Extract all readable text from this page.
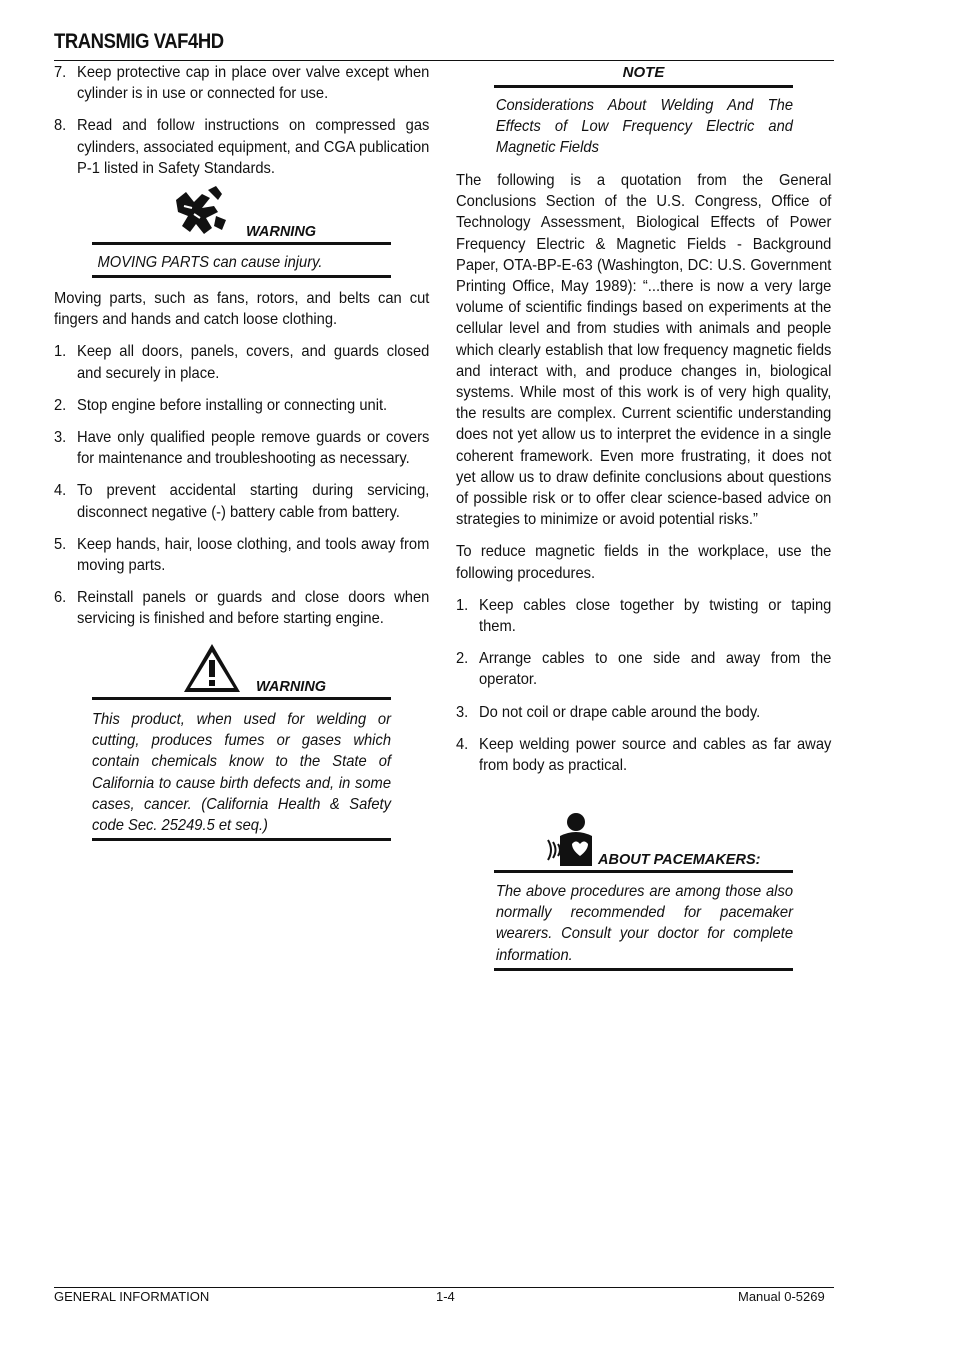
TRANSMIG VAF4HD
7. Keep protective cap in place over valve except when cylinder is in use or connected for use.
8. Read and follow instructions on compressed gas cylinders, associated equipment, and CGA publication P-1 listed in Safety Standards.
WARNING
MOVING PARTS can cause injury.

Moving parts, such as fans, rotors, and belts can cut fingers and hands and catch loose clothing.

1. Keep all doors, panels, covers, and guards closed and securely in place.
2. Stop engine before installing or connecting unit.
3. Have only qualified people remove guards or covers for maintenance and troubleshooting as necessary.
4. To prevent accidental starting during servicing, disconnect negative (-) battery cable from battery.
5. Keep hands, hair, loose clothing, and tools away from moving parts.
6. Reinstall panels or guards and close doors when servicing is finished and before starting engine.
WARNING
This product, when used for welding or cutting, produces fumes or gases which contain chemicals know to the State of California to cause birth defects and, in some cases, cancer. (California Health & Safety code Sec. 25249.5 et seq.)
NOTE
Considerations About Welding And The Effects of Low Frequency Electric and Magnetic Fields

The following is a quotation from the General Conclusions Section of the U.S. Congress, Office of Technology Assessment, Biological Effects of Power Frequency Electric & Magnetic Fields - Background Paper, OTA-BP-E-63 (Washington, DC: U.S. Government Printing Office, May 1989): “...there is now a very large volume of scientific findings based on experiments at the cellular level and from studies with animals and people which clearly establish that low frequency magnetic fields and interact with, and produce changes in, biological systems. While most of this work is of very high quality, the results are complex. Current scientific understanding does not yet allow us to interpret the evidence in a single coherent framework. Even more frustrating, it does not yet allow us to draw definite conclusions about questions of possible risk or to offer clear science-based advice on strategies to minimize or avoid potential risks.”

To reduce magnetic fields in the workplace, use the following procedures.

1. Keep cables close together by twisting or taping them.
2. Arrange cables to one side and away from the operator.
3. Do not coil or drape cable around the body.
4. Keep welding power source and cables as far away from body as practical.
ABOUT PACEMAKERS:
The above procedures are among those also normally recommended for pacemaker wearers. Consult your doctor for complete information.
GENERAL INFORMATION	1-4	Manual 0-5269
